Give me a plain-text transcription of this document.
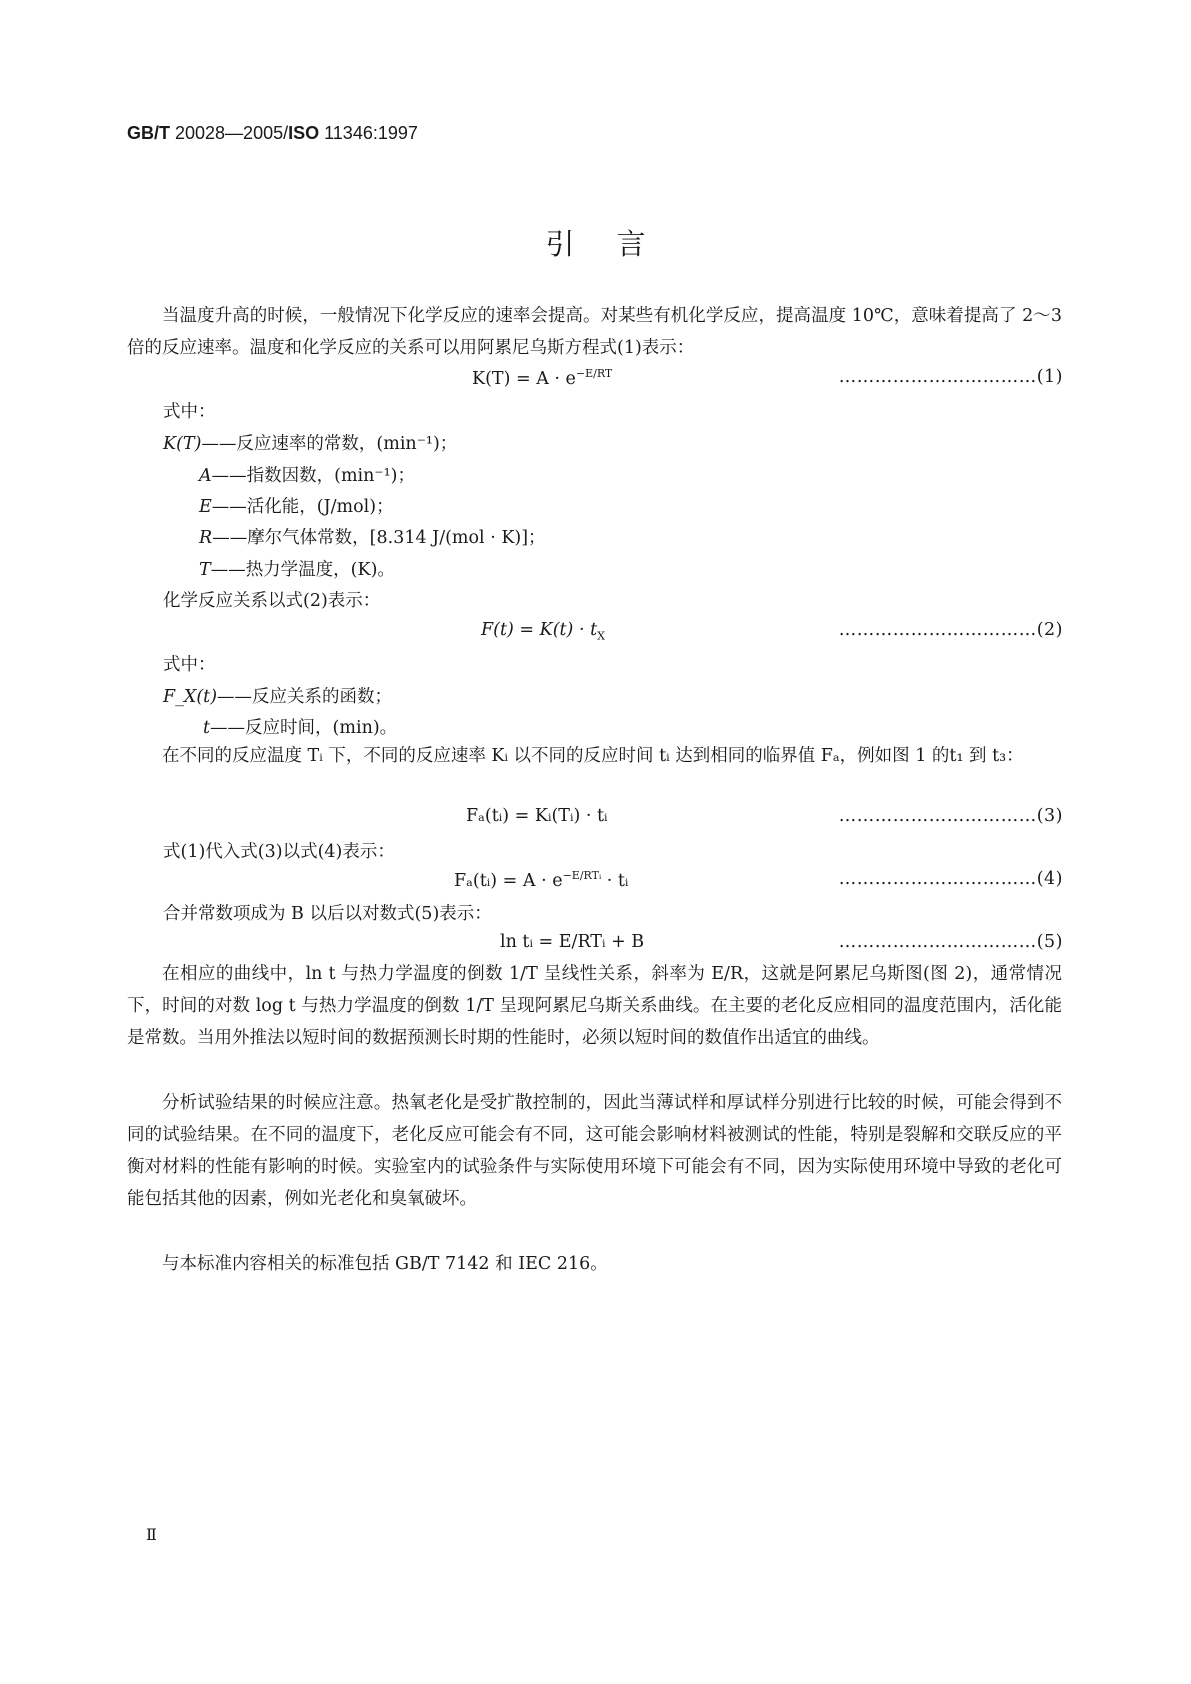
GB/T 20028—2005/ISO 11346:1997
引言
当温度升高的时候，一般情况下化学反应的速率会提高。对某些有机化学反应，提高温度 10℃，意味着提高了 2～3 倍的反应速率。温度和化学反应的关系可以用阿累尼乌斯方程式(1)表示：
$K(T) = A \cdot e^{-E/RT}$	……………………………(1)
式中：
K(T)——反应速率的常数，(min⁻¹)；
A——指数因数，(min⁻¹)；
E——活化能，(J/mol)；
R——摩尔气体常数，[8.314 J/(mol · K)]；
T——热力学温度，(K)。
化学反应关系以式(2)表示：
$F(t) = K(t) \cdot t_X$	……………………………(2)
式中：
F_X(t)——反应关系的函数；
t——反应时间，(min)。
在不同的反应温度 Tᵢ 下，不同的反应速率 Kᵢ 以不同的反应时间 tᵢ 达到相同的临界值 Fₐ，例如图 1 的t₁ 到 t₃：
Fₐ(tᵢ) = Kᵢ(Tᵢ) · tᵢ	……………………………(3)
式(1)代入式(3)以式(4)表示：
Fₐ(tᵢ) = $A \cdot e^{-E/RTᵢ}$ · tᵢ	……………………………(4)
合并常数项成为 B 以后以对数式(5)表示：
ln tᵢ = E/RTᵢ + B	……………………………(5)
在相应的曲线中，ln t 与热力学温度的倒数 1/T 呈线性关系，斜率为 E/R，这就是阿累尼乌斯图(图 2)，通常情况下，时间的对数 log t 与热力学温度的倒数 1/T 呈现阿累尼乌斯关系曲线。在主要的老化反应相同的温度范围内，活化能是常数。当用外推法以短时间的数据预测长时期的性能时，必须以短时间的数值作出适宜的曲线。
分析试验结果的时候应注意。热氧老化是受扩散控制的，因此当薄试样和厚试样分别进行比较的时候，可能会得到不同的试验结果。在不同的温度下，老化反应可能会有不同，这可能会影响材料被测试的性能，特别是裂解和交联反应的平衡对材料的性能有影响的时候。实验室内的试验条件与实际使用环境下可能会有不同，因为实际使用环境中导致的老化可能包括其他的因素，例如光老化和臭氧破坏。
与本标准内容相关的标准包括 GB/T 7142 和 IEC 216。
Ⅱ
